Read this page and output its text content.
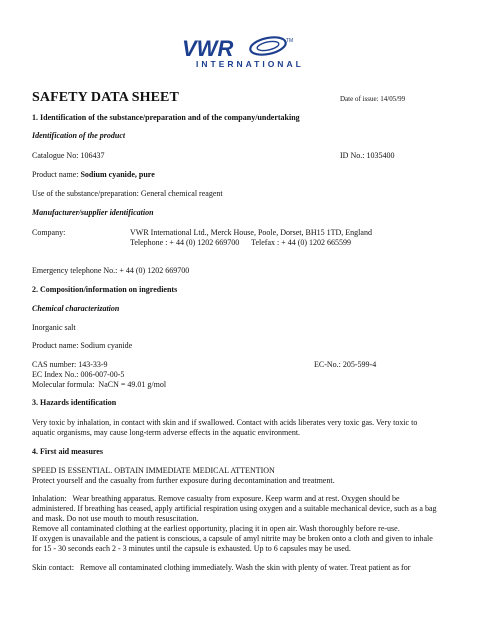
VWR	TM
INTERNATIONAL
SAFETY DATA SHEET	Date of issue: 14/05/99
1. Identification of the substance/preparation and of the company/undertaking
Identification of the product
Catalogue No: 106437	ID No.: 1035400
Product name: Sodium cyanide, pure
Use of the substance/preparation: General chemical reagent
Manufacturer/supplier identification
Company:	VWR International Ltd., Merck House, Poole, Dorset, BH15 1TD, England
Telephone : + 44 (0) 1202 669700      Telefax : + 44 (0) 1202 665599
Emergency telephone No.: + 44 (0) 1202 669700
2. Composition/information on ingredients
Chemical characterization
Inorganic salt
Product name: Sodium cyanide
CAS number: 143-33-9	EC-No.: 205-599-4
EC Index No.: 006-007-00-5
Molecular formula:  NaCN = 49.01 g/mol
3. Hazards identification
Very toxic by inhalation, in contact with skin and if swallowed. Contact with acids liberates very toxic gas. Very toxic to
aquatic organisms, may cause long-term adverse effects in the aquatic environment.
4. First aid measures
SPEED IS ESSENTIAL. OBTAIN IMMEDIATE MEDICAL ATTENTION
Protect yourself and the casualty from further exposure during decontamination and treatment.
Inhalation:   Wear breathing apparatus. Remove casualty from exposure. Keep warm and at rest. Oxygen should be
administered. If breathing has ceased, apply artificial respiration using oxygen and a suitable mechanical device, such as a bag
and mask. Do not use mouth to mouth resuscitation.
Remove all contaminated clothing at the earliest opportunity, placing it in open air. Wash thoroughly before re-use.
If oxygen is unavailable and the patient is conscious, a capsule of amyl nitrite may be broken onto a cloth and given to inhale
for 15 - 30 seconds each 2 - 3 minutes until the capsule is exhausted. Up to 6 capsules may be used.
Skin contact:   Remove all contaminated clothing immediately. Wash the skin with plenty of water. Treat patient as for
